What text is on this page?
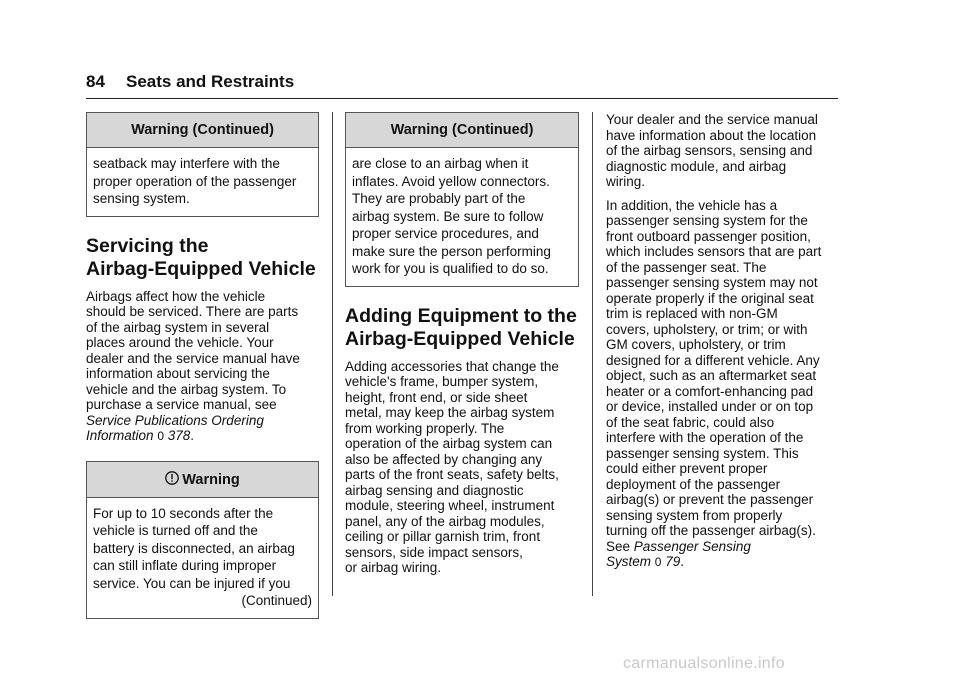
84 Seats and Restraints
Warning (Continued)
seatback may interfere with the
proper operation of the passenger
sensing system.
Servicing the
Airbag-Equipped Vehicle
Airbags affect how the vehicle
should be serviced. There are parts
of the airbag system in several
places around the vehicle. Your
dealer and the service manual have
information about servicing the
vehicle and the airbag system. To
purchase a service manual, see
Service Publications Ordering
Information 0 378.
Warning
For up to 10 seconds after the
vehicle is turned off and the
battery is disconnected, an airbag
can still inflate during improper
service. You can be injured if you
(Continued)
Warning (Continued)
are close to an airbag when it
inflates. Avoid yellow connectors.
They are probably part of the
airbag system. Be sure to follow
proper service procedures, and
make sure the person performing
work for you is qualified to do so.
Adding Equipment to the
Airbag-Equipped Vehicle
Adding accessories that change the
vehicle's frame, bumper system,
height, front end, or side sheet
metal, may keep the airbag system
from working properly. The
operation of the airbag system can
also be affected by changing any
parts of the front seats, safety belts,
airbag sensing and diagnostic
module, steering wheel, instrument
panel, any of the airbag modules,
ceiling or pillar garnish trim, front
sensors, side impact sensors,
or airbag wiring.
Your dealer and the service manual
have information about the location
of the airbag sensors, sensing and
diagnostic module, and airbag
wiring.
In addition, the vehicle has a
passenger sensing system for the
front outboard passenger position,
which includes sensors that are part
of the passenger seat. The
passenger sensing system may not
operate properly if the original seat
trim is replaced with non-GM
covers, upholstery, or trim; or with
GM covers, upholstery, or trim
designed for a different vehicle. Any
object, such as an aftermarket seat
heater or a comfort-enhancing pad
or device, installed under or on top
of the seat fabric, could also
interfere with the operation of the
passenger sensing system. This
could either prevent proper
deployment of the passenger
airbag(s) or prevent the passenger
sensing system from properly
turning off the passenger airbag(s).
See Passenger Sensing
System 0 79.
carmanualsonline.info
